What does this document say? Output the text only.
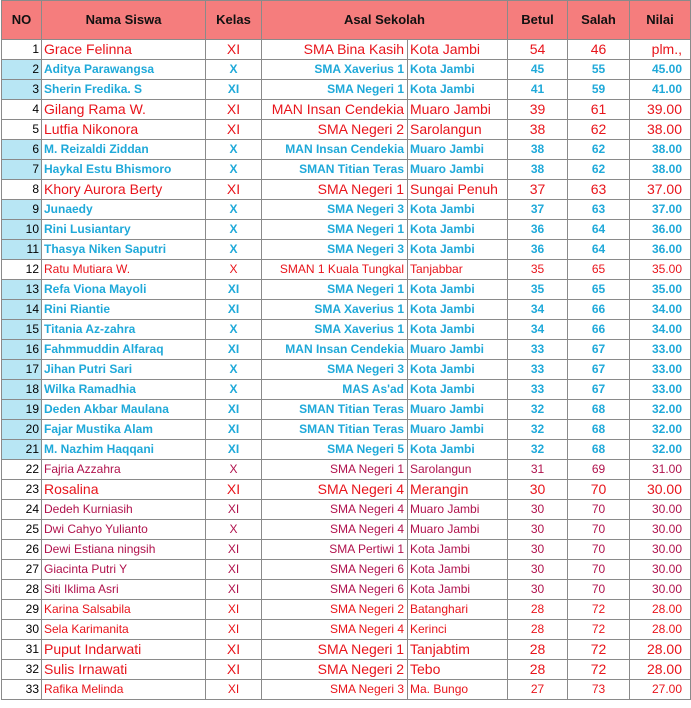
NO	Nama Siswa	Kelas	Asal Sekolah		Betul	Salah	Nilai
1	Grace Felinna	XI	SMA Bina Kasih	Kota Jambi	54	46	plm.,
2	Aditya Parawangsa	X	SMA Xaverius 1	Kota Jambi	45	55	45.00
3	Sherin Fredika. S	XI	SMA Negeri 1	Kota Jambi	41	59	41.00
4	Gilang Rama W.	XI	MAN Insan Cendekia	Muaro Jambi	39	61	39.00
5	Lutfia Nikonora	XI	SMA Negeri 2	Sarolangun	38	62	38.00
6	M. Reizaldi Ziddan	X	MAN Insan Cendekia	Muaro Jambi	38	62	38.00
7	Haykal Estu Bhismoro	X	SMAN Titian Teras	Muaro Jambi	38	62	38.00
8	Khory Aurora Berty	XI	SMA Negeri 1	Sungai Penuh	37	63	37.00
9	Junaedy	X	SMA Negeri 3	Kota Jambi	37	63	37.00
10	Rini Lusiantary	X	SMA Negeri 1	Kota Jambi	36	64	36.00
11	Thasya Niken Saputri	X	SMA Negeri 3	Kota Jambi	36	64	36.00
12	Ratu Mutiara W.	X	SMAN 1 Kuala Tungkal	Tanjabbar	35	65	35.00
13	Refa Viona Mayoli	XI	SMA Negeri 1	Kota Jambi	35	65	35.00
14	Rini Riantie	XI	SMA Xaverius 1	Kota Jambi	34	66	34.00
15	Titania Az-zahra	X	SMA Xaverius 1	Kota Jambi	34	66	34.00
16	Fahmmuddin Alfaraq	XI	MAN Insan Cendekia	Muaro Jambi	33	67	33.00
17	Jihan Putri Sari	X	SMA Negeri 3	Kota Jambi	33	67	33.00
18	Wilka Ramadhia	X	MAS As'ad	Kota Jambi	33	67	33.00
19	Deden Akbar Maulana	XI	SMAN Titian Teras	Muaro Jambi	32	68	32.00
20	Fajar Mustika Alam	XI	SMAN Titian Teras	Muaro Jambi	32	68	32.00
21	M. Nazhim Haqqani	XI	SMA Negeri 5	Kota Jambi	32	68	32.00
22	Fajria Azzahra	X	SMA Negeri 1	Sarolangun	31	69	31.00
23	Rosalina	XI	SMA Negeri 4	Merangin	30	70	30.00
24	Dedeh Kurniasih	XI	SMA Negeri 4	Muaro Jambi	30	70	30.00
25	Dwi Cahyo Yulianto	X	SMA Negeri 4	Muaro Jambi	30	70	30.00
26	Dewi Estiana ningsih	XI	SMA Pertiwi 1	Kota Jambi	30	70	30.00
27	Giacinta Putri Y	XI	SMA Negeri 6	Kota Jambi	30	70	30.00
28	Siti Iklima Asri	XI	SMA Negeri 6	Kota Jambi	30	70	30.00
29	Karina Salsabila	XI	SMA Negeri 2	Batanghari	28	72	28.00
30	Sela Karimanita	XI	SMA Negeri 4	Kerinci	28	72	28.00
31	Puput Indarwati	XI	SMA Negeri 1	Tanjabtim	28	72	28.00
32	Sulis Irnawati	XI	SMA Negeri 2	Tebo	28	72	28.00
33	Rafika Melinda	XI	SMA Negeri 3	Ma. Bungo	27	73	27.00
